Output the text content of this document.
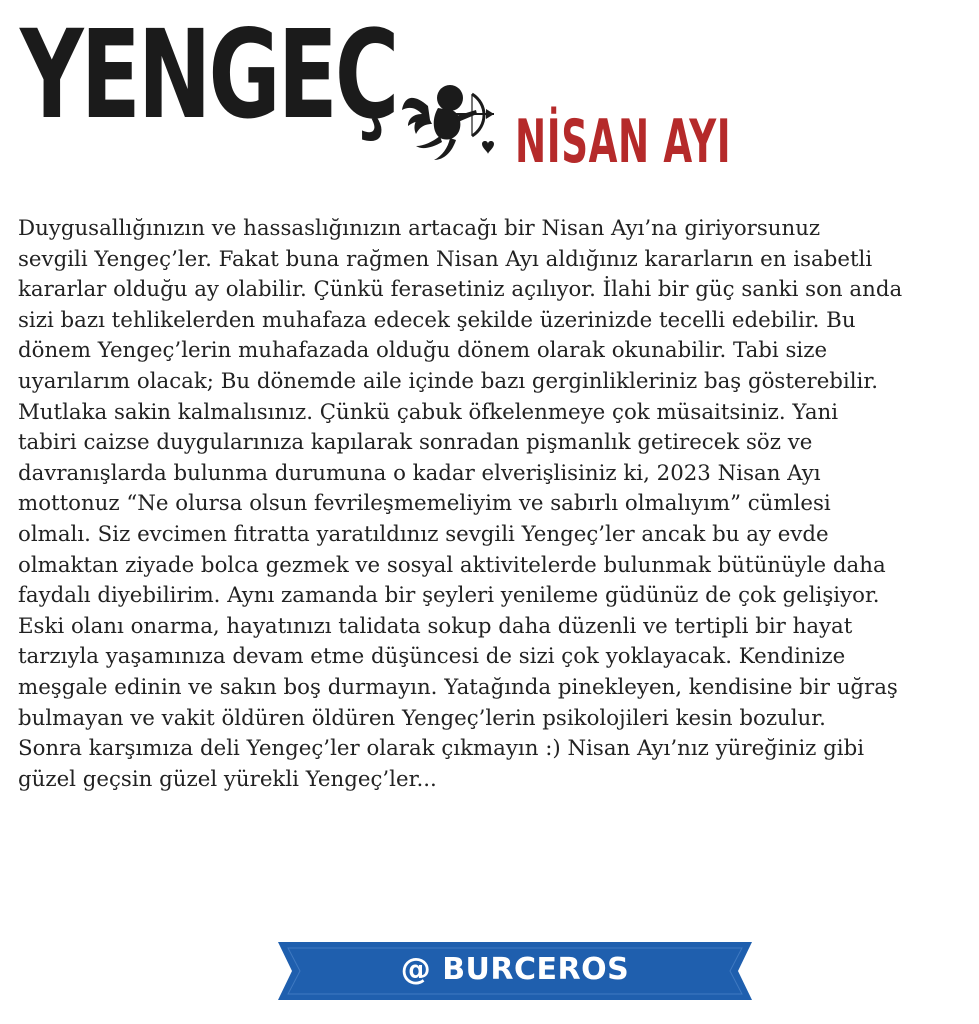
YENGEÇ NİSAN AYI
Duygusallığınızın ve hassaslığınızın artacağı bir Nisan Ayı’na giriyorsunuz
sevgili Yengeç’ler. Fakat buna rağmen Nisan Ayı aldığınız kararların en isabetli
kararlar olduğu ay olabilir. Çünkü ferasetiniz açılıyor. İlahi bir güç sanki son anda
sizi bazı tehlikelerden muhafaza edecek şekilde üzerinizde tecelli edebilir. Bu
dönem Yengeç’lerin muhafazada olduğu dönem olarak okunabilir. Tabi size
uyarılarım olacak; Bu dönemde aile içinde bazı gerginlikleriniz baş gösterebilir.
Mutlaka sakin kalmalısınız. Çünkü çabuk öfkelenmeye çok müsaitsiniz. Yani
tabiri caizse duygularınıza kapılarak sonradan pişmanlık getirecek söz ve
davranışlarda bulunma durumuna o kadar elverişlisiniz ki, 2023 Nisan Ayı
mottonuz “Ne olursa olsun fevrileşmemeliyim ve sabırlı olmalıyım” cümlesi
olmalı. Siz evcimen fıtratta yaratıldınız sevgili Yengeç’ler ancak bu ay evde
olmaktan ziyade bolca gezmek ve sosyal aktivitelerde bulunmak bütünüyle daha
faydalı diyebilirim. Aynı zamanda bir şeyleri yenileme güdünüz de çok gelişiyor.
Eski olanı onarma, hayatınızı talidata sokup daha düzenli ve tertipli bir hayat
tarzıyla yaşamınıza devam etme düşüncesi de sizi çok yoklayacak. Kendinize
meşgale edinin ve sakın boş durmayın. Yatağında pinekleyen, kendisine bir uğraş
bulmayan ve vakit öldüren öldüren Yengeç’lerin psikolojileri kesin bozulur.
Sonra karşımıza deli Yengeç’ler olarak çıkmayın :) Nisan Ayı’nız yüreğiniz gibi
güzel geçsin güzel yürekli Yengeç’ler...
@ BURCEROS
